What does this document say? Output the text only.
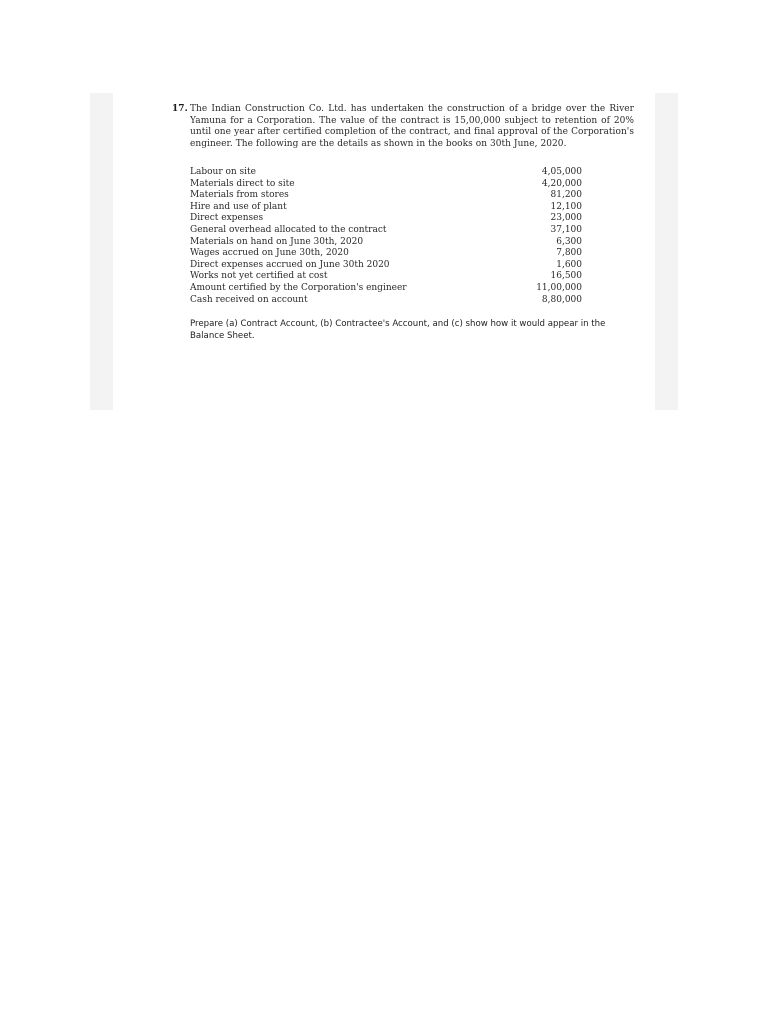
17. The Indian Construction Co. Ltd. has undertaken the construction of a bridge over the River Yamuna for a Corporation. The value of the contract is 15,00,000 subject to retention of 20% until one year after certified completion of the contract, and final approval of the Corporation's engineer. The following are the details as shown in the books on 30th June, 2020.
Labour on site	4,05,000
Materials direct to site	4,20,000
Materials from stores	81,200
Hire and use of plant	12,100
Direct expenses	23,000
General overhead allocated to the contract	37,100
Materials on hand on June 30th, 2020	6,300
Wages accrued on June 30th, 2020	7,800
Direct expenses accrued on June 30th 2020	1,600
Works not yet certified at cost	16,500
Amount certified by the Corporation's engineer	11,00,000
Cash received on account	8,80,000
Prepare (a) Contract Account, (b) Contractee's Account, and (c) show how it would appear in the Balance Sheet.
